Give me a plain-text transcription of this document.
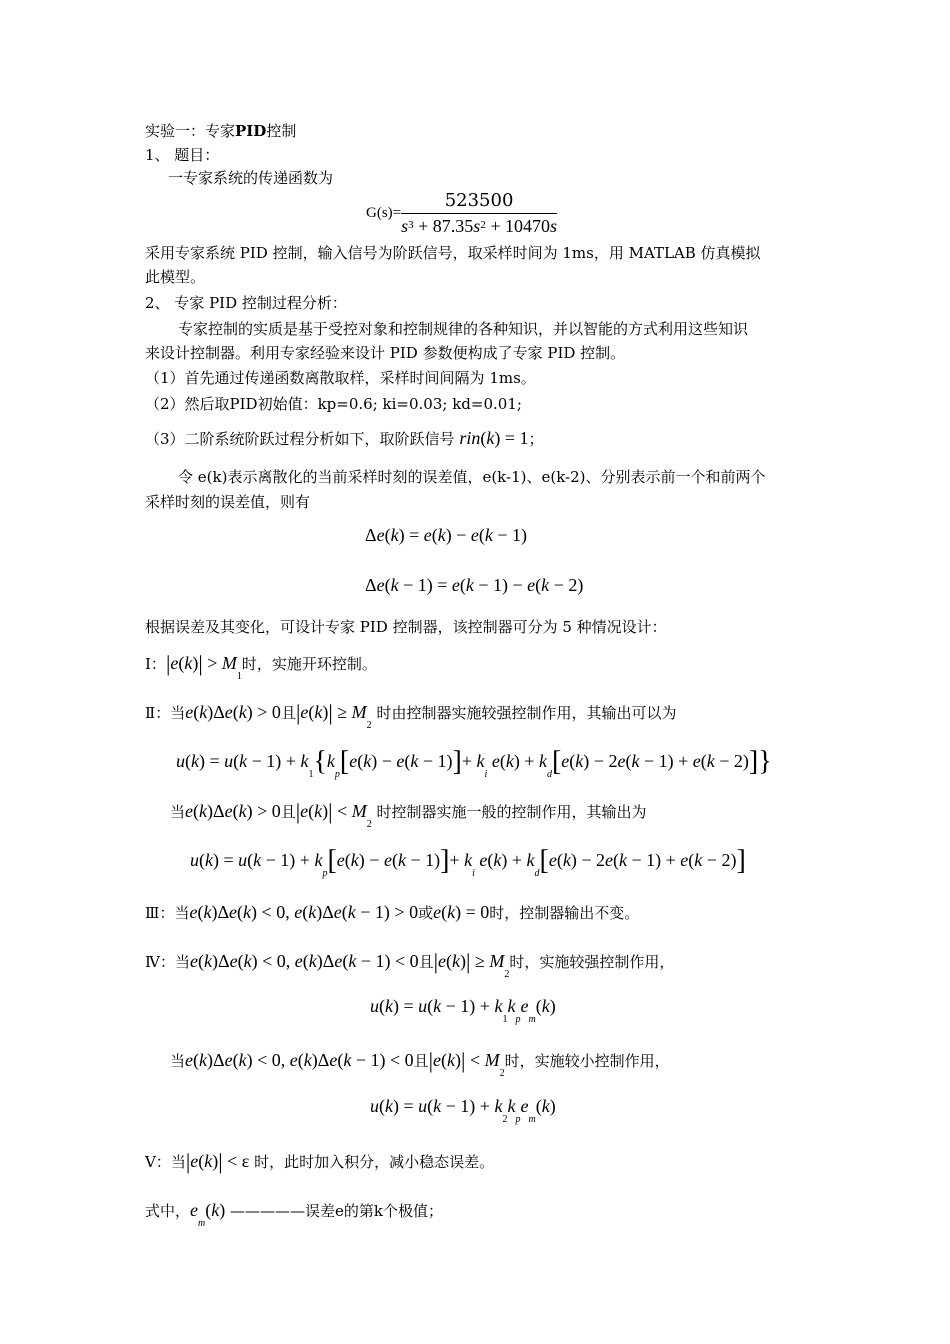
实验一：专家PID控制
1、 题目：
一专家系统的传递函数为
$G(s)= \frac{523500}{s^3 + 87.35s^2 + 10470s}$
采用专家系统 PID 控制，输入信号为阶跃信号，取采样时间为 1ms，用 MATLAB 仿真模拟
此模型。
2、 专家 PID 控制过程分析：
专家控制的实质是基于受控对象和控制规律的各种知识，并以智能的方式利用这些知识
来设计控制器。利用专家经验来设计 PID 参数便构成了专家 PID 控制。
（1）首先通过传递函数离散取样，采样时间间隔为 1ms。
（2）然后取PID初始值：kp=0.6; ki=0.03; kd=0.01;
（3）二阶系统阶跃过程分析如下，取阶跃信号 rin(k) = 1；
令 e(k)表示离散化的当前采样时刻的误差值，e(k-1)、e(k-2)、分别表示前一个和前两个
采样时刻的误差值，则有
Δe(k) = e(k) − e(k − 1)
Δe(k − 1) = e(k − 1) − e(k − 2)
根据误差及其变化，可设计专家 PID 控制器，该控制器可分为 5 种情况设计：
Ⅰ：$|e(k)| > M_1$时，实施开环控制。
Ⅱ：当e(k)Δe(k) > 0且$|e(k)| \ge M_2$ 时由控制器实施较强控制作用，其输出可以为
$u(k) = u(k - 1) + k_1\{k_p[e(k) - e(k - 1)]+ k_i$ $e(k) + k_d[e(k) - 2e(k - 1) + e(k - 2)]$}
当e(k)Δe(k) > 0且$|e(k)| < M_2$ 时控制器实施一般的控制作用，其输出为
$u(k) = u(k - 1) + k_p[e(k) - e(k - 1)]+ k_i$ $e(k) + k_d[e(k) - 2e(k - 1) + e(k - 2)]$
Ⅲ：当e(k)Δe(k) < 0, e(k)Δe(k − 1) > 0或e(k) = 0时，控制器输出不变。
Ⅳ：当e(k)Δe(k) < 0, e(k)Δe(k − 1) < 0且$|e(k)| \ge M_2$时，实施较强控制作用，
$u(k) = u(k - 1) + k_1k_pe_m(k)$
当e(k)Δe(k) < 0, e(k)Δe(k − 1) < 0且$|e(k)| < M_2$时，实施较小控制作用，
$u(k) = u(k - 1) + k_2k_pe_m(k)$
Ⅴ：当|e(k)| < ε 时，此时加入积分，减小稳态误差。
式中，$e_m(k)$ —————误差e的第k个极值；
